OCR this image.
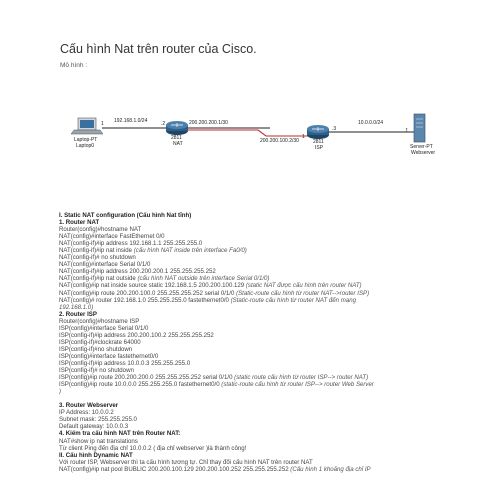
Cấu hình Nat trên router của Cisco.
Mô hình :
1 192.168.1.0/24	.2
Laptop-PT
Laptop0
200.200.200.1/30
2811
NAT	200.200.100.2/30
1
2811
ISP
.3
10.0.0.0/24
.1
Server-PT
Webserver
I. Static NAT configuration (Cấu hình Nat tĩnh)
1. Router NAT
Router(config)#hostname NAT
NAT(config)#interface FastEthernet 0/0
NAT(config-if)#ip address 192.168.1.1 255.255.255.0
NAT(config-if)#ip nat inside (cấu hình NAT inside trên interface Fa0/0)
NAT(config-if)# no shutdown
NAT(config)#interface Serial 0/1/0
NAT(config-if)#ip address 200.200.200.1 255.255.255.252
NAT(config-if)#ip nat outside (cấu hình NAT outside trên interface Serial 0/1/0)
NAT(config)#ip nat inside source static 192.168.1.5 200.200.100.129 (static NAT được cấu hình trên router NAT)
NAT(config)#ip route 200.200.100.0 255.255.255.252 serial 0/1/0 (Static-route cấu hình từ router NAT-->router ISP)
NAT(config)# router 192.168.1.0 255.255.255.0 fastethernet0/0 (Static-route cấu hình từ router NAT đến mạng
192.168.1.0)
2. Router ISP
Router(config)#hostname ISP
ISP(config)#interface Serial 0/1/0
ISP(config-if)#ip address 200.200.100.2 255.255.255.252
ISP(config-if)#clockrate 64000
ISP(config-if)#no shutdown
ISP(config)#interface fastethernet0/0
ISP(config-if)#ip address 10.0.0.3 255.255.255.0
ISP(config-if)# no shutdown
ISP(config)#ip route 200.200.200.0 255.255.255.252 serial 0/1/0 (static route cấu hình từ router ISP--> router NAT)
ISP(config)#ip route 10.0.0.0 255.255.255.0 fastethernet0/0 (static-route cấu hình từ router ISP--> router Web Server
)

3. Router Webserver
IP Address: 10.0.0.2
Subnet mask: 255.255.255.0
Default gateway: 10.0.0.3
4. Kiểm tra cấu hình NAT trên Router NAT:
NAT#show ip nat translations
Từ client Ping đến địa chỉ 10.0.0.2 ( địa chỉ webserver )là thành công!
II. Cấu hình Dynamic NAT
Với router ISP, Webserver thì ta cấu hình tương tự. Chỉ thay đổi cấu hình NAT trên router NAT
NAT(config)#ip nat pool BUBLIC 200.200.100.129 200.200.100.252 255.255.255.252 (Cấu hình 1 khoảng địa chỉ IP
